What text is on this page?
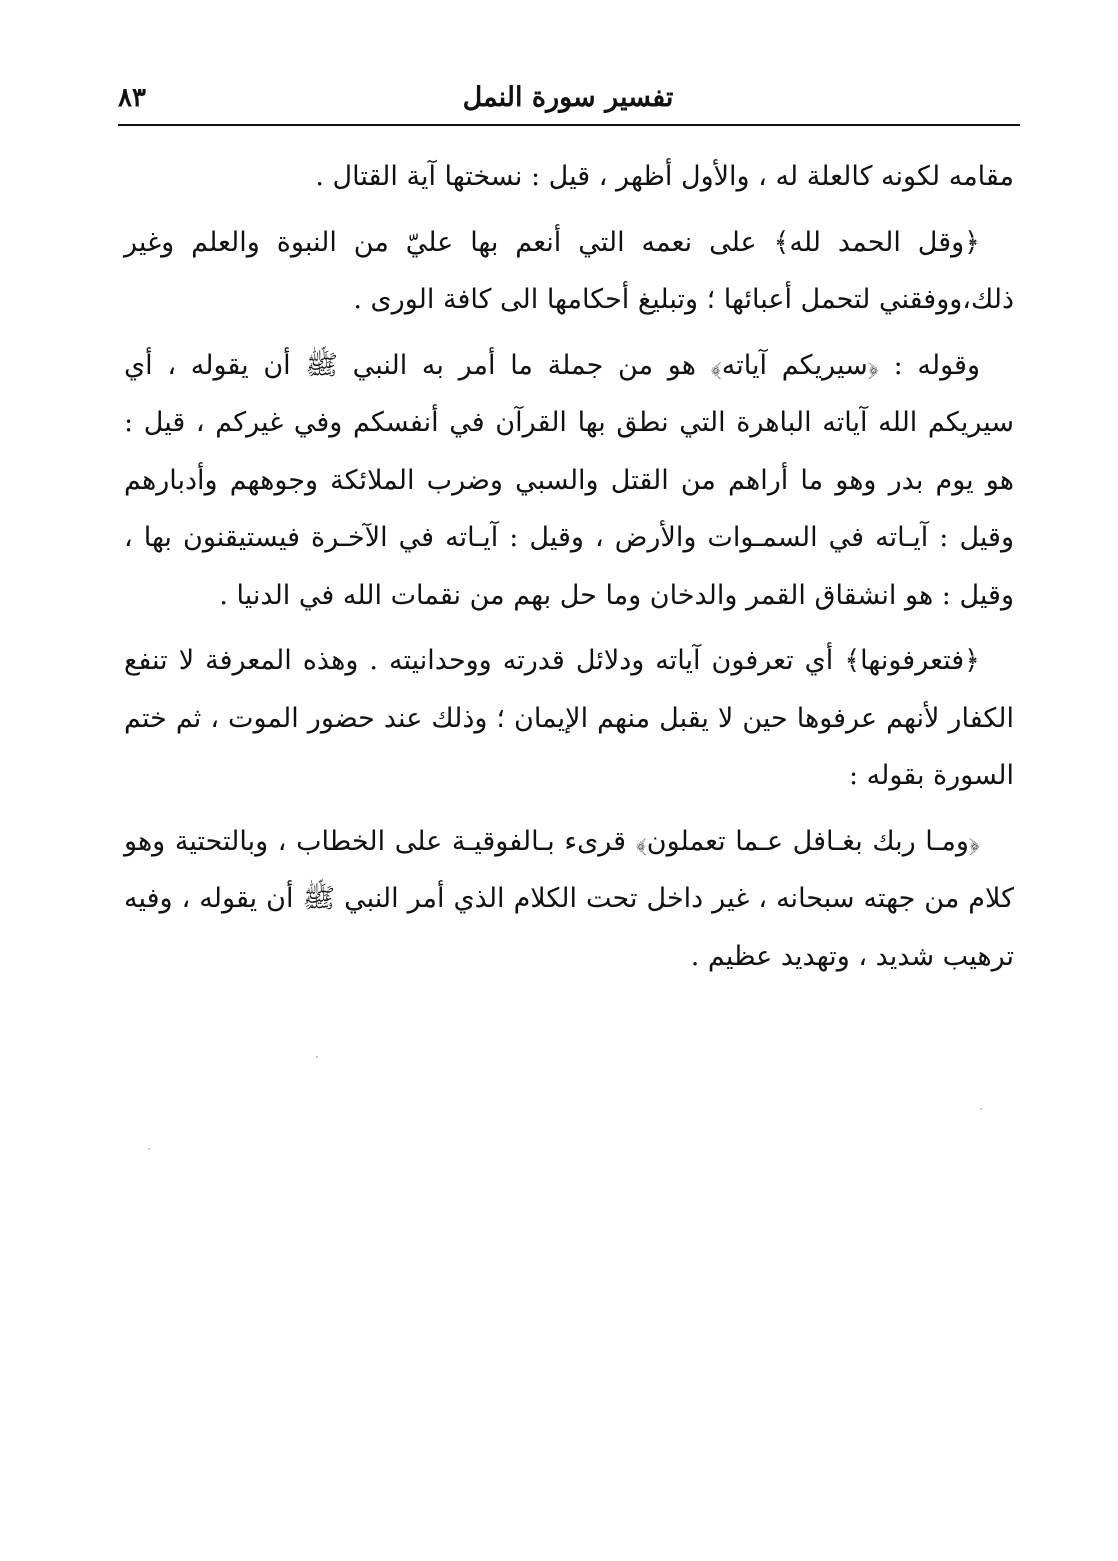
تفسير سورة النمل
٨٣

مقامه لكونه كالعلة له ، والأول أظهر ، قيل : نسختها آية القتال .

﴿وقل الحمد لله﴾ على نعمه التي أنعم بها عليّ من النبوة والعلم وغير ذلك،ووفقني لتحمل أعبائها ؛ وتبليغ أحكامها الى كافة الورى .

وقوله : ﴿سيريكم آياته﴾ هو من جملة ما أمر به النبي ﷺ أن يقوله ، أي سيريكم الله آياته الباهرة التي نطق بها القرآن في أنفسكم وفي غيركم ، قيل : هو يوم بدر وهو ما أراهم من القتل والسبي وضرب الملائكة وجوههم وأدبارهم وقيل : آيـاته في السمـوات والأرض ، وقيل : آيـاته في الآخـرة فيستيقنون بها ، وقيل : هو انشقاق القمر والدخان وما حل بهم من نقمات الله في الدنيا .

﴿فتعرفونها﴾ أي تعرفون آياته ودلائل قدرته ووحدانيته . وهذه المعرفة لا تنفع الكفار لأنهم عرفوها حين لا يقبل منهم الإيمان ؛ وذلك عند حضور الموت ، ثم ختم السورة بقوله :

﴿ومـا ربك بغـافل عـما تعملون﴾ قرىء بـالفوقيـة على الخطاب ، وبالتحتية وهو كلام من جهته سبحانه ، غير داخل تحت الكلام الذي أمر النبي ﷺ أن يقوله ، وفيه ترهيب شديد ، وتهديد عظيم .
